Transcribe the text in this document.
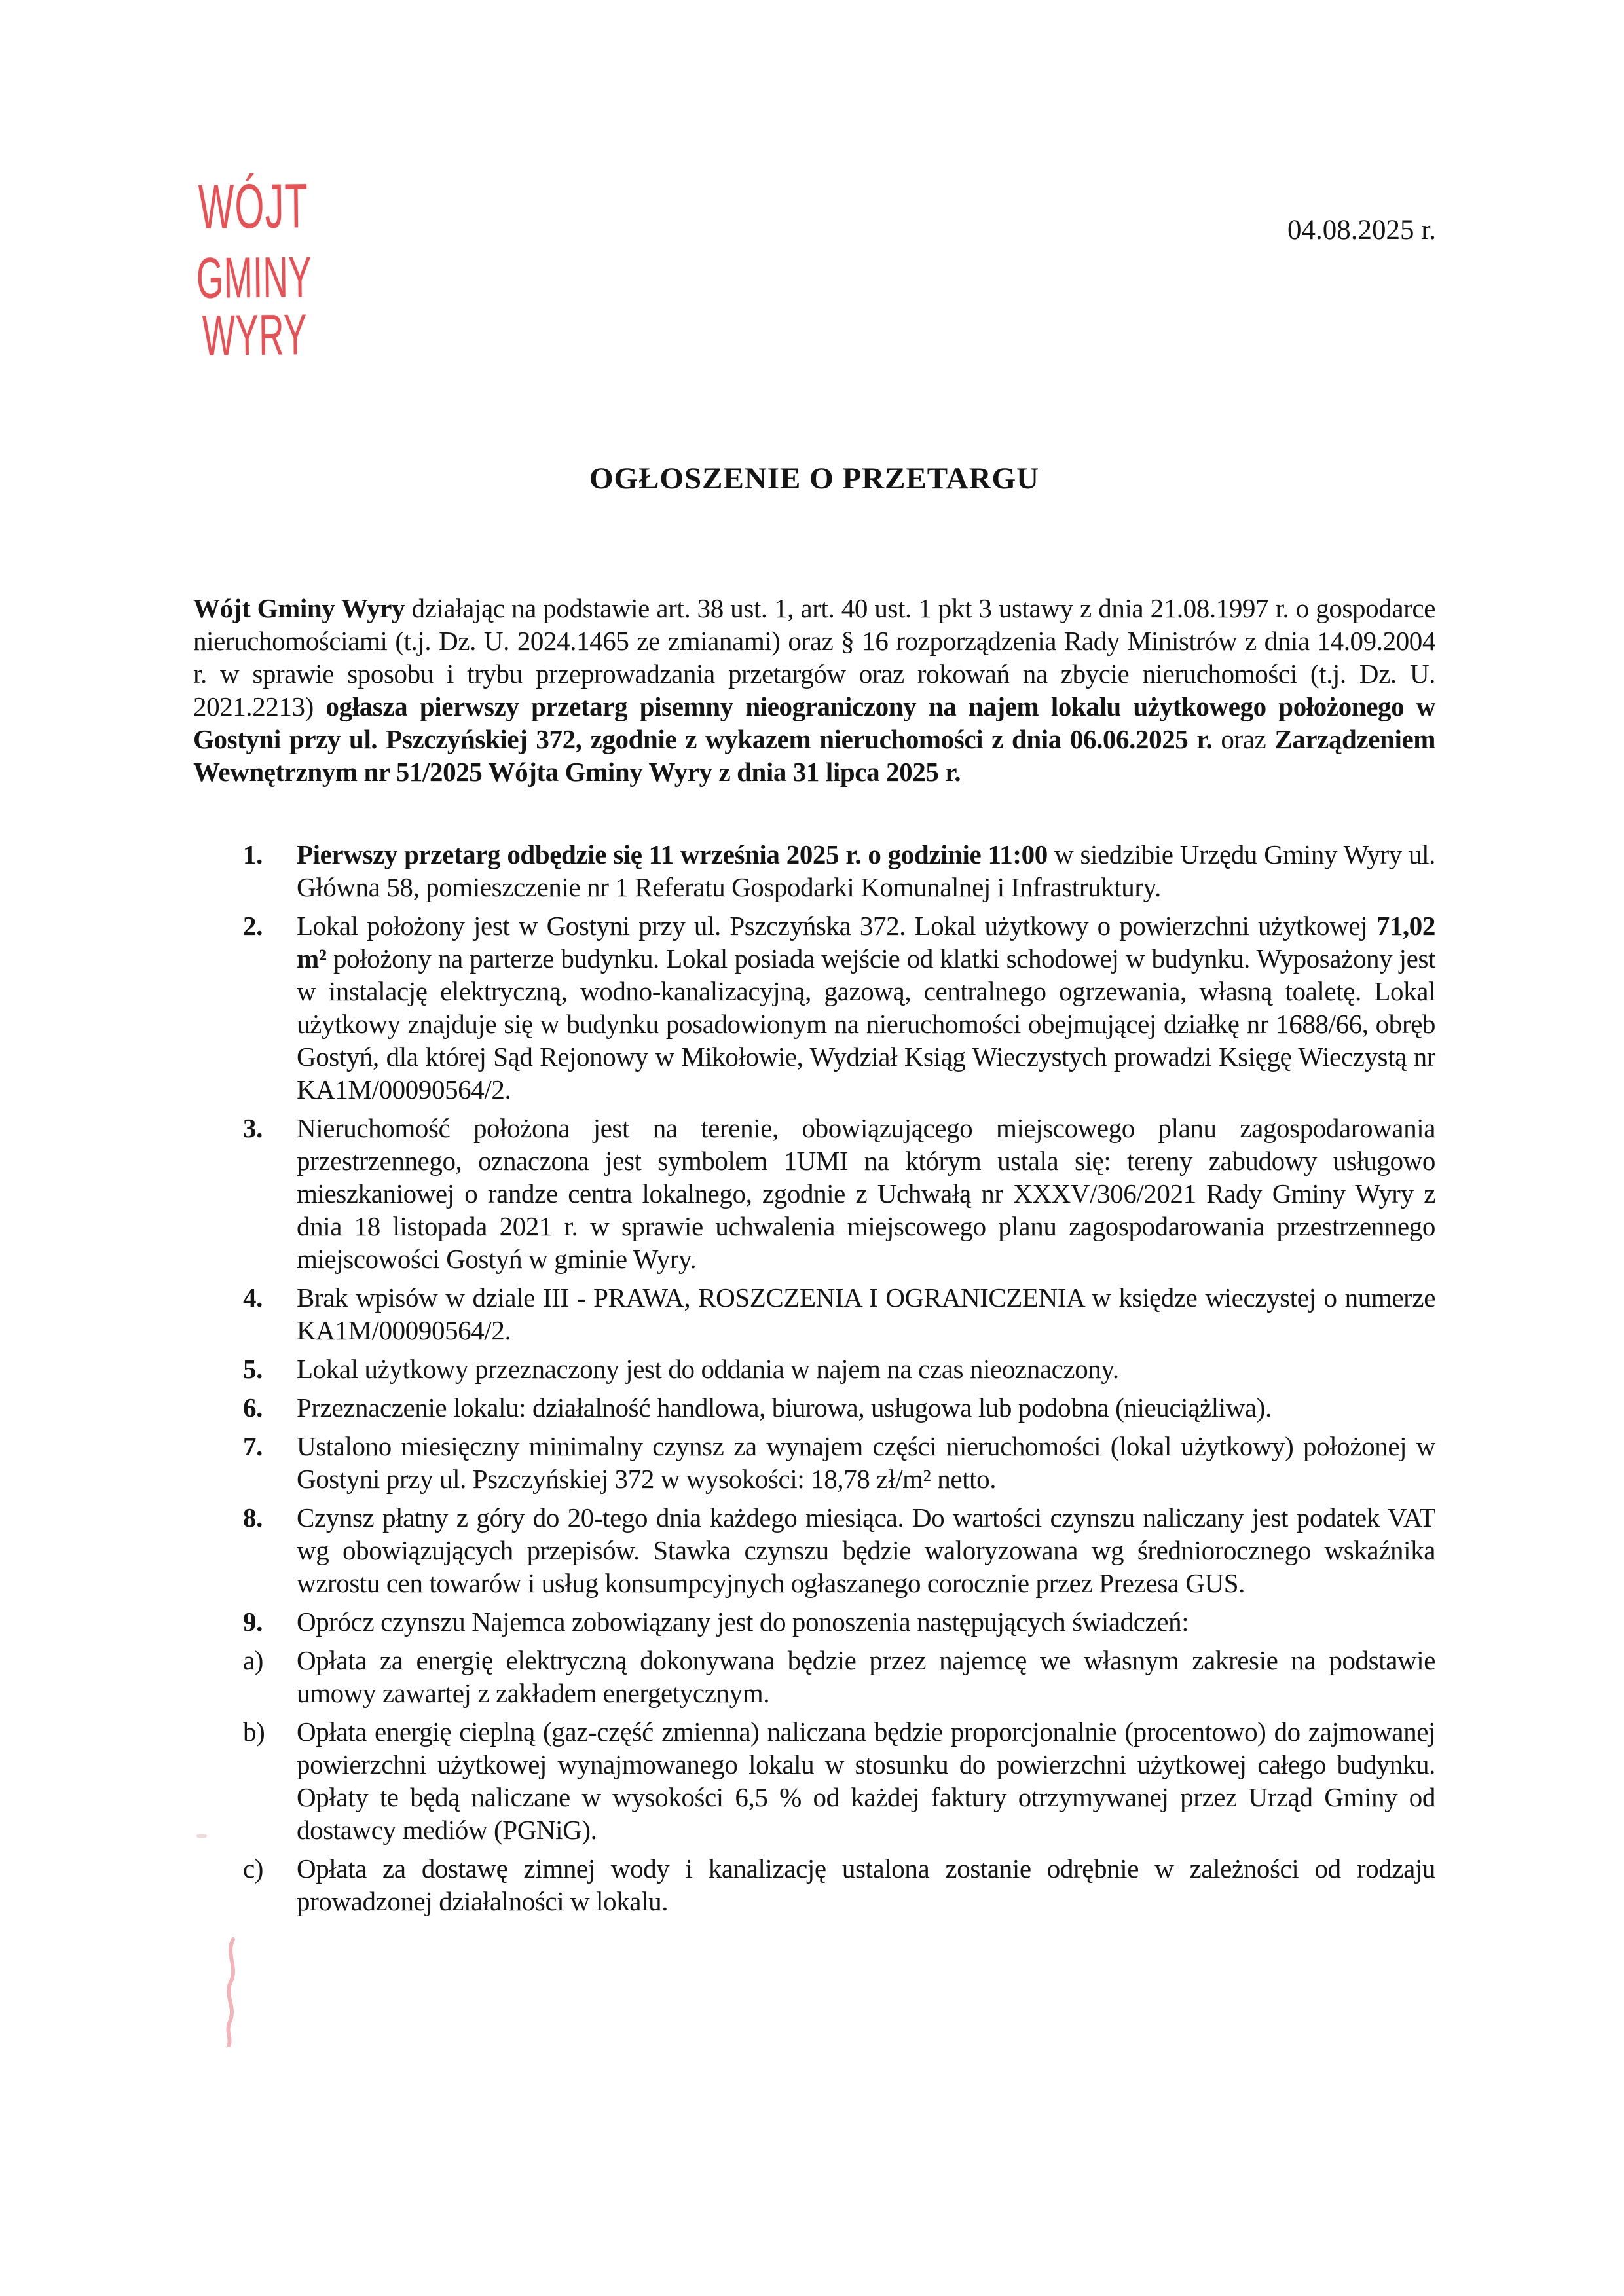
WÓJT
GMINY WYRY
04.08.2025 r.
OGŁOSZENIE O PRZETARGU

Wójt Gminy Wyry działając na podstawie art. 38 ust. 1, art. 40 ust. 1 pkt 3 ustawy z dnia 21.08.1997 r. o gospodarce nieruchomościami (t.j. Dz. U. 2024.1465 ze zmianami) oraz § 16 rozporządzenia Rady Ministrów z dnia 14.09.2004 r. w sprawie sposobu i trybu przeprowadzania przetargów oraz rokowań na zbycie nieruchomości (t.j. Dz. U. 2021.2213) ogłasza pierwszy przetarg pisemny nieograniczony na najem lokalu użytkowego położonego w Gostyni przy ul. Pszczyńskiej 372, zgodnie z wykazem nieruchomości z dnia 06.06.2025 r. oraz Zarządzeniem Wewnętrznym nr 51/2025 Wójta Gminy Wyry z dnia 31 lipca 2025 r.

1.	Pierwszy przetarg odbędzie się 11 września 2025 r. o godzinie 11:00 w siedzibie Urzędu Gminy Wyry ul. Główna 58, pomieszczenie nr 1 Referatu Gospodarki Komunalnej i Infrastruktury.
2.	Lokal położony jest w Gostyni przy ul. Pszczyńska 372. Lokal użytkowy o powierzchni użytkowej 71,02 m² położony na parterze budynku. Lokal posiada wejście od klatki schodowej w budynku. Wyposażony jest w instalację elektryczną, wodno-kanalizacyjną, gazową, centralnego ogrzewania, własną toaletę. Lokal użytkowy znajduje się w budynku posadowionym na nieruchomości obejmującej działkę nr 1688/66, obręb Gostyń, dla której Sąd Rejonowy w Mikołowie, Wydział Ksiąg Wieczystych prowadzi Księgę Wieczystą nr KA1M/00090564/2.
3.	Nieruchomość położona jest na terenie, obowiązującego miejscowego planu zagospodarowania przestrzennego, oznaczona jest symbolem 1UMI na którym ustala się: tereny zabudowy usługowo mieszkaniowej o randze centra lokalnego, zgodnie z Uchwałą nr XXXV/306/2021 Rady Gminy Wyry z dnia 18 listopada 2021 r. w sprawie uchwalenia miejscowego planu zagospodarowania przestrzennego miejscowości Gostyń w gminie Wyry.
4.	Brak wpisów w dziale III - PRAWA, ROSZCZENIA I OGRANICZENIA w księdze wieczystej o numerze KA1M/00090564/2.
5.	Lokal użytkowy przeznaczony jest do oddania w najem na czas nieoznaczony.
6.	Przeznaczenie lokalu: działalność handlowa, biurowa, usługowa lub podobna (nieuciążliwa).
7.	Ustalono miesięczny minimalny czynsz za wynajem części nieruchomości (lokal użytkowy) położonej w Gostyni przy ul. Pszczyńskiej 372 w wysokości: 18,78 zł/m² netto.
8.	Czynsz płatny z góry do 20-tego dnia każdego miesiąca. Do wartości czynszu naliczany jest podatek VAT wg obowiązujących przepisów. Stawka czynszu będzie waloryzowana wg średniorocznego wskaźnika wzrostu cen towarów i usług konsumpcyjnych ogłaszanego corocznie przez Prezesa GUS.
9.	Oprócz czynszu Najemca zobowiązany jest do ponoszenia następujących świadczeń:
a)	Opłata za energię elektryczną dokonywana będzie przez najemcę we własnym zakresie na podstawie umowy zawartej z zakładem energetycznym.
b)	Opłata energię cieplną (gaz-część zmienna) naliczana będzie proporcjonalnie (procentowo) do zajmowanej powierzchni użytkowej wynajmowanego lokalu w stosunku do powierzchni użytkowej całego budynku. Opłaty te będą naliczane w wysokości 6,5 % od każdej faktury otrzymywanej przez Urząd Gminy od dostawcy mediów (PGNiG).
c)	Opłata za dostawę zimnej wody i kanalizację ustalona zostanie odrębnie w zależności od rodzaju prowadzonej działalności w lokalu.
